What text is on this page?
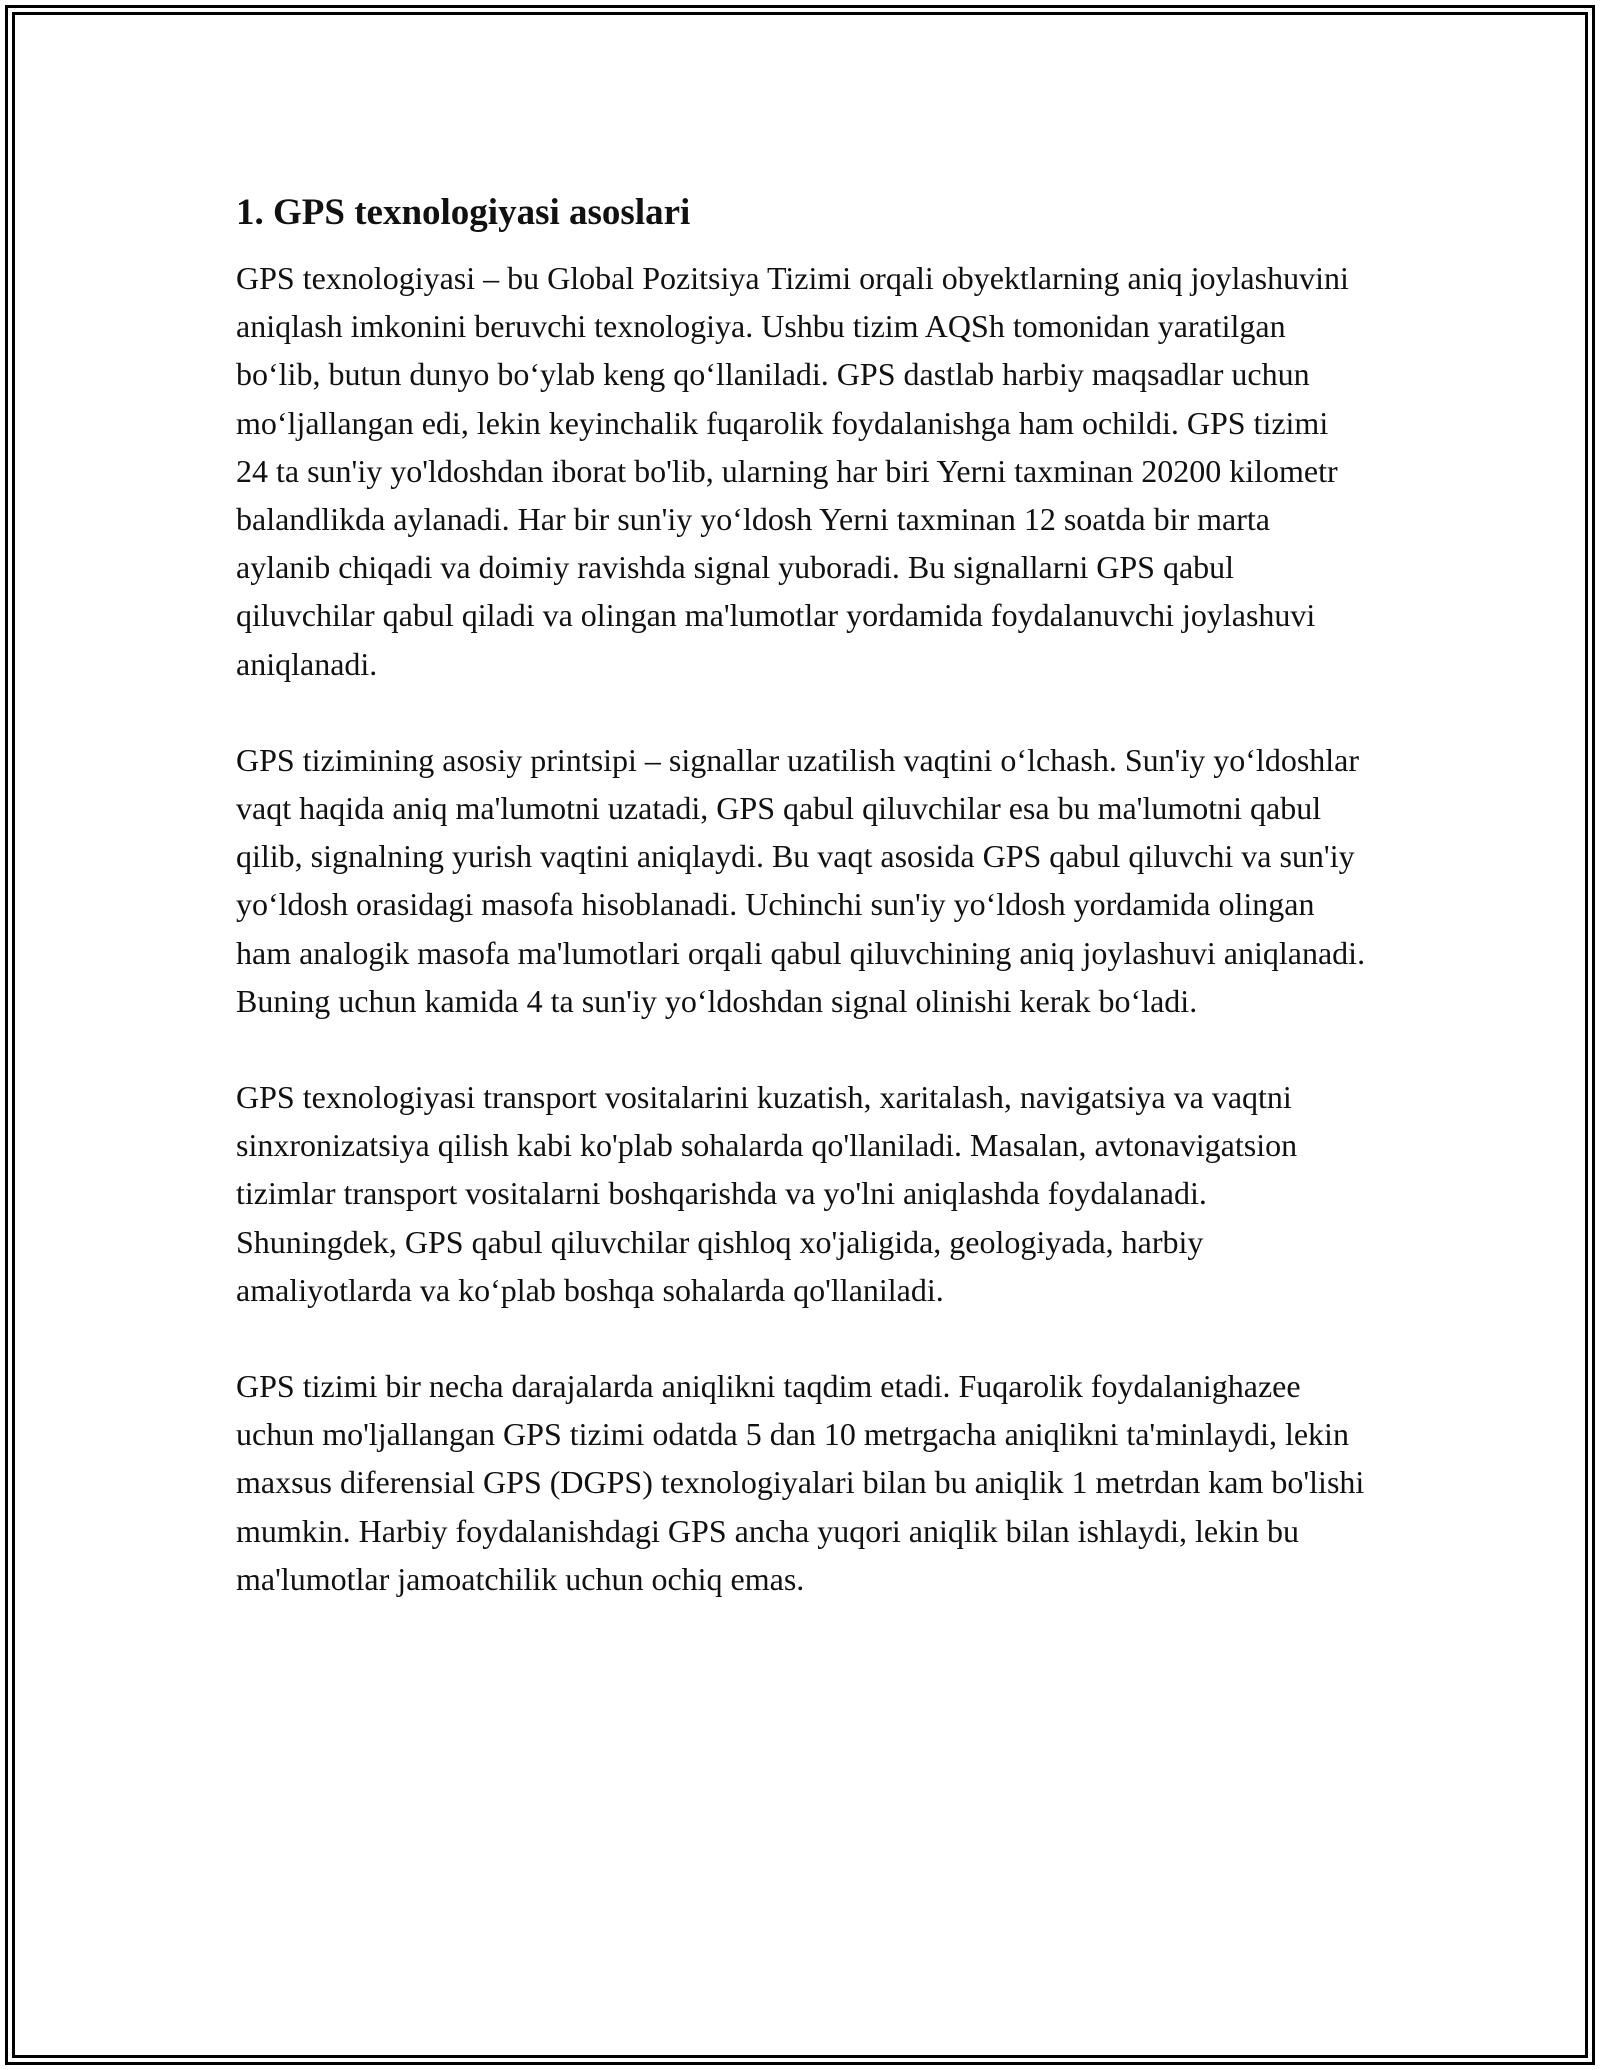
1. GPS texnologiyasi asoslari

GPS texnologiyasi – bu Global Pozitsiya Tizimi orqali obyektlarning aniq joylashuvini aniqlash imkonini beruvchi texnologiya. Ushbu tizim AQSh tomonidan yaratilgan bo‘lib, butun dunyo bo‘ylab keng qo‘llaniladi. GPS dastlab harbiy maqsadlar uchun mo‘ljallangan edi, lekin keyinchalik fuqarolik foydalanishga ham ochildi. GPS tizimi 24 ta sun'iy yo'ldoshdan iborat bo'lib, ularning har biri Yerni taxminan 20200 kilometr balandlikda aylanadi. Har bir sun'iy yo‘ldosh Yerni taxminan 12 soatda bir marta aylanib chiqadi va doimiy ravishda signal yuboradi. Bu signallarni GPS qabul qiluvchilar qabul qiladi va olingan ma'lumotlar yordamida foydalanuvchi joylashuvi aniqlanadi.

GPS tizimining asosiy printsipi – signallar uzatilish vaqtini o‘lchash. Sun'iy yo‘ldoshlar vaqt haqida aniq ma'lumotni uzatadi, GPS qabul qiluvchilar esa bu ma'lumotni qabul qilib, signalning yurish vaqtini aniqlaydi. Bu vaqt asosida GPS qabul qiluvchi va sun'iy yo‘ldosh orasidagi masofa hisoblanadi. Uchinchi sun'iy yo‘ldosh yordamida olingan ham analogik masofa ma'lumotlari orqali qabul qiluvchining aniq joylashuvi aniqlanadi. Buning uchun kamida 4 ta sun'iy yo‘ldoshdan signal olinishi kerak bo‘ladi.

GPS texnologiyasi transport vositalarini kuzatish, xaritalash, navigatsiya va vaqtni sinxronizatsiya qilish kabi ko'plab sohalarda qo'llaniladi. Masalan, avtonavigatsion tizimlar transport vositalarni boshqarishda va yo'lni aniqlashda foydalanadi. Shuningdek, GPS qabul qiluvchilar qishloq xo'jaligida, geologiyada, harbiy amaliyotlarda va ko‘plab boshqa sohalarda qo'llaniladi.

GPS tizimi bir necha darajalarda aniqlikni taqdim etadi. Fuqarolik foydalanighazee uchun mo'ljallangan GPS tizimi odatda 5 dan 10 metrgacha aniqlikni ta'minlaydi, lekin maxsus diferensial GPS (DGPS) texnologiyalari bilan bu aniqlik 1 metrdan kam bo'lishi mumkin. Harbiy foydalanishdagi GPS ancha yuqori aniqlik bilan ishlaydi, lekin bu ma'lumotlar jamoatchilik uchun ochiq emas.
